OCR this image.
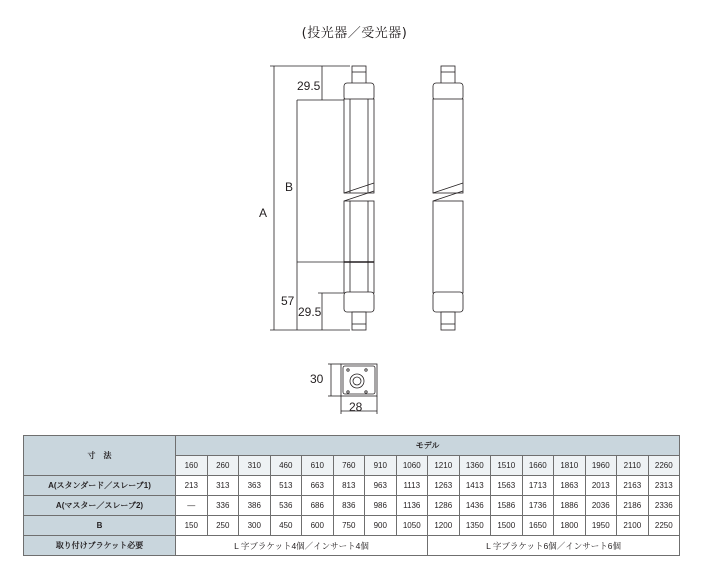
(投光器／受光器)
A
B
29.5
29.5
57
30
28
寸　法	モデル															
	160	260	310	460	610	760	910	1060	1210	1360	1510	1660	1810	1960	2110	2260
A(スタンダード／スレーブ1)	213	313	363	513	663	813	963	1113	1263	1413	1563	1713	1863	2013	2163	2313
A(マスター／スレーブ2)	—	336	386	536	686	836	986	1136	1286	1436	1586	1736	1886	2036	2186	2336
B	150	250	300	450	600	750	900	1050	1200	1350	1500	1650	1800	1950	2100	2250
取り付けブラケット必要	L 字ブラケット4個／インサート4個								L 字ブラケット6個／インサート6個							
